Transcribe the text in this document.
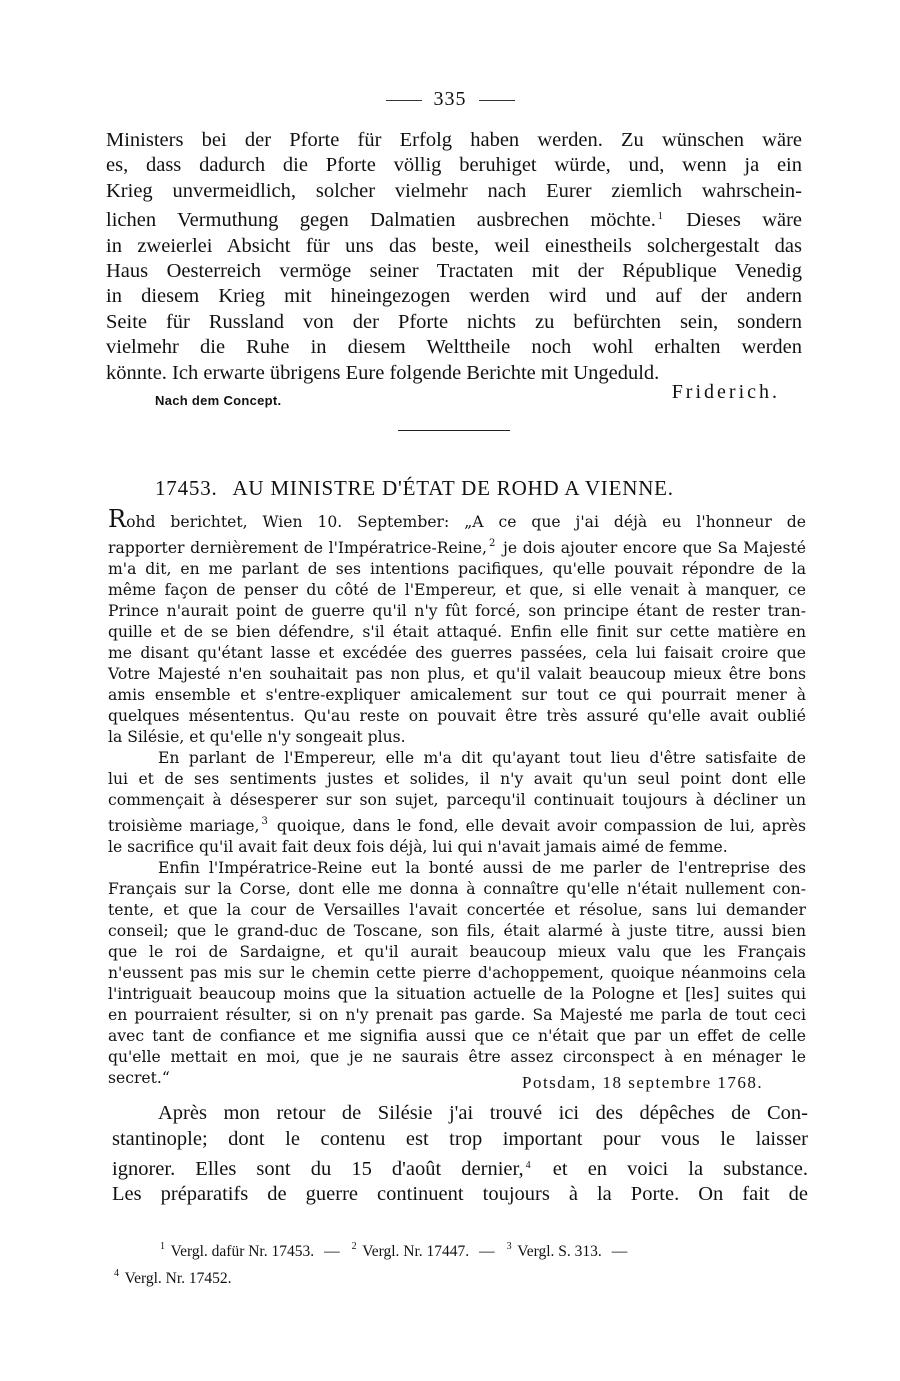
335
Ministers bei der Pforte für Erfolg haben werden. Zu wünschen wäre
es, dass dadurch die Pforte völlig beruhiget würde, und, wenn ja ein
Krieg unvermeidlich, solcher vielmehr nach Eurer ziemlich wahrschein-
lichen Vermuthung gegen Dalmatien ausbrechen möchte. $^1$ Dieses wäre
in zweierlei Absicht für uns das beste, weil einestheils solchergestalt das
Haus Oesterreich vermöge seiner Tractaten mit der République Venedig
in diesem Krieg mit hineingezogen werden wird und auf der andern
Seite für Russland von der Pforte nichts zu befürchten sein, sondern
vielmehr die Ruhe in diesem Welttheile noch wohl erhalten werden
könnte. Ich erwarte übrigens Eure folgende Berichte mit Ungeduld.
Nach dem Concept.	Friderich.
17453. AU MINISTRE D'ÉTAT DE ROHD A VIENNE.
Rohd berichtet, Wien 10. September: „A ce que j'ai déjà eu l'honneur de
rapporter dernièrement de l'Impératrice-Reine, $^2$ je dois ajouter encore que Sa Majesté
m'a dit, en me parlant de ses intentions pacifiques, qu'elle pouvait répondre de la
même façon de penser du côté de l'Empereur, et que, si elle venait à manquer, ce
Prince n'aurait point de guerre qu'il n'y fût forcé, son principe étant de rester tran-
quille et de se bien défendre, s'il était attaqué. Enfin elle finit sur cette matière en
me disant qu'étant lasse et excédée des guerres passées, cela lui faisait croire que
Votre Majesté n'en souhaitait pas non plus, et qu'il valait beaucoup mieux être bons
amis ensemble et s'entre-expliquer amicalement sur tout ce qui pourrait mener à
quelques mésententus. Qu'au reste on pouvait être très assuré qu'elle avait oublié
la Silésie, et qu'elle n'y songeait plus.
En parlant de l'Empereur, elle m'a dit qu'ayant tout lieu d'être satisfaite de
lui et de ses sentiments justes et solides, il n'y avait qu'un seul point dont elle
commençait à désesperer sur son sujet, parcequ'il continuait toujours à décliner un
troisième mariage, $^3$ quoique, dans le fond, elle devait avoir compassion de lui, après
le sacrifice qu'il avait fait deux fois déjà, lui qui n'avait jamais aimé de femme.
Enfin l'Impératrice-Reine eut la bonté aussi de me parler de l'entreprise des
Français sur la Corse, dont elle me donna à connaître qu'elle n'était nullement con-
tente, et que la cour de Versailles l'avait concertée et résolue, sans lui demander
conseil; que le grand-duc de Toscane, son fils, était alarmé à juste titre, aussi bien
que le roi de Sardaigne, et qu'il aurait beaucoup mieux valu que les Français
n'eussent pas mis sur le chemin cette pierre d'achoppement, quoique néanmoins cela
l'intriguait beaucoup moins que la situation actuelle de la Pologne et [les] suites qui
en pourraient résulter, si on n'y prenait pas garde. Sa Majesté me parla de tout ceci
avec tant de confiance et me signifia aussi que ce n'était que par un effet de celle
qu'elle mettait en moi, que je ne saurais être assez circonspect à en ménager le
secret.“	Potsdam, 18 septembre 1768.
Après mon retour de Silésie j'ai trouvé ici des dépêches de Con-
stantinople; dont le contenu est trop important pour vous le laisser
ignorer. Elles sont du 15 d'août dernier, $^4$ et en voici la substance.
Les préparatifs de guerre continuent toujours à la Porte. On fait de
$^1$ Vergl. dafür Nr. 17453. — $^2$ Vergl. Nr. 17447. — $^3$ Vergl. S. 313. —
$^4$ Vergl. Nr. 17452.
